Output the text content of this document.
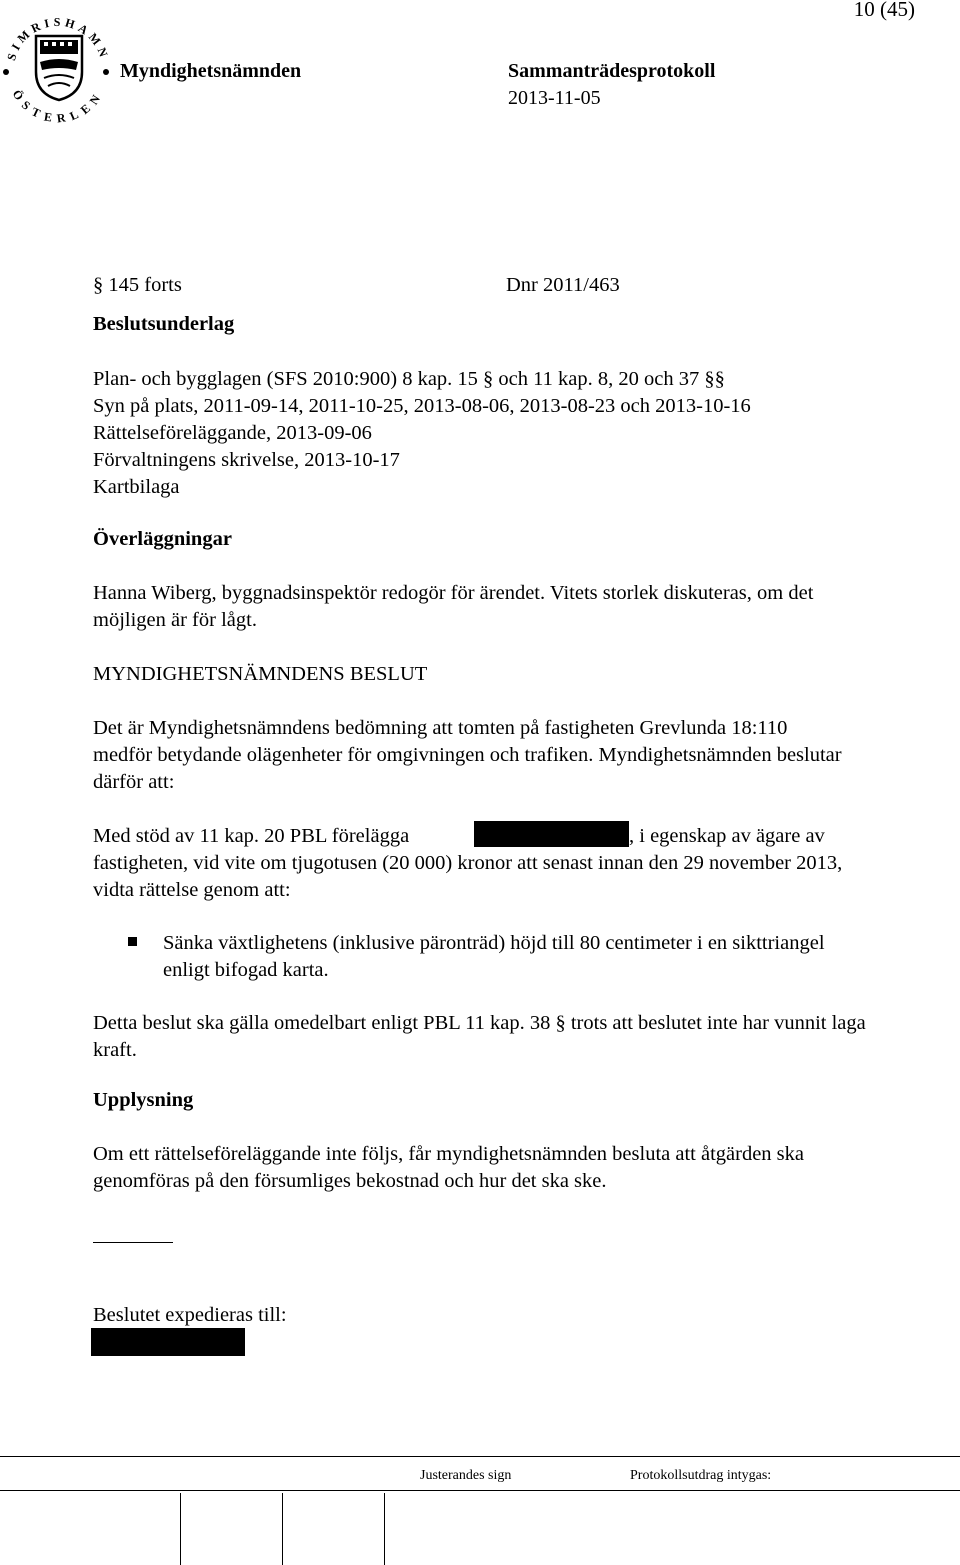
SIMRISHAMN
ÖSTERLEN
10 (45)
Myndighetsnämnden	Sammanträdesprotokoll
2013-11-05
§ 145 forts	Dnr 2011/463
Beslutsunderlag
Plan- och bygglagen (SFS 2010:900) 8 kap. 15 § och 11 kap. 8, 20 och 37 §§
Syn på plats, 2011-09-14, 2011-10-25, 2013-08-06, 2013-08-23 och 2013-10-16
Rättelseföreläggande, 2013-09-06
Förvaltningens skrivelse, 2013-10-17
Kartbilaga
Överläggningar
Hanna Wiberg, byggnadsinspektör redogör för ärendet. Vitets storlek diskuteras, om det
möjligen är för lågt.
MYNDIGHETSNÄMNDENS BESLUT
Det är Myndighetsnämndens bedömning att tomten på fastigheten Grevlunda 18:110
medför betydande olägenheter för omgivningen och trafiken. Myndighetsnämnden beslutar
därför att:
Med stöd av 11 kap. 20 PBL förelägga	, i egenskap av ägare av
fastigheten, vid vite om tjugotusen (20 000) kronor att senast innan den 29 november 2013,
vidta rättelse genom att:
Sänka växtlighetens (inklusive päronträd) höjd till 80 centimeter i en sikttriangel
enligt bifogad karta.
Detta beslut ska gälla omedelbart enligt PBL 11 kap. 38 § trots att beslutet inte har vunnit laga
kraft.
Upplysning
Om ett rättelseföreläggande inte följs, får myndighetsnämnden besluta att åtgärden ska
genomföras på den försumliges bekostnad och hur det ska ske.
Beslutet expedieras till:
Protokollsutdrag intygas:
Justerandes sign
